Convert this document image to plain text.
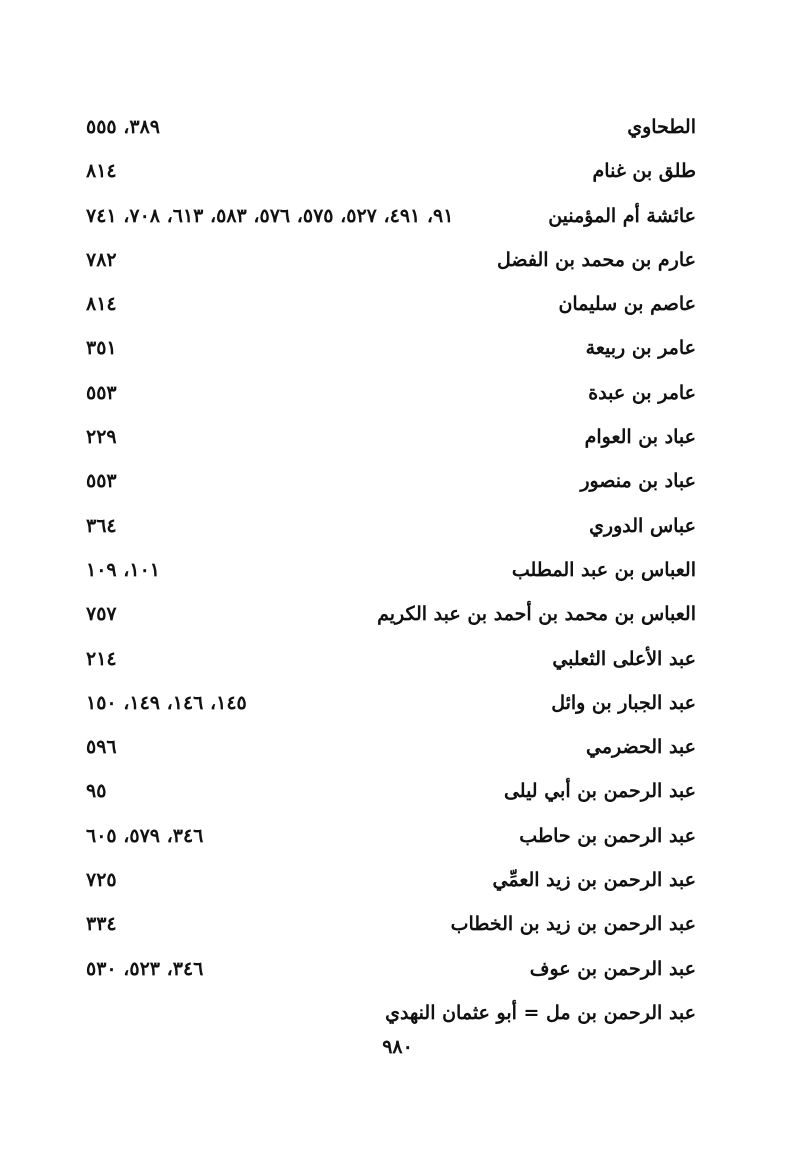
الطحاوي
٣٨٩، ٥٥٥
طلق بن غنام
٨١٤
عائشة أم المؤمنين
٩١، ٤٩١، ٥٢٧، ٥٧٥، ٥٧٦، ٥٨٣، ٦١٣، ٧٠٨، ٧٤١
عارم بن محمد بن الفضل
٧٨٢
عاصم بن سليمان
٨١٤
عامر بن ربيعة
٣٥١
عامر بن عبدة
٥٥٣
عباد بن العوام
٢٢٩
عباد بن منصور
٥٥٣
عباس الدوري
٣٦٤
العباس بن عبد المطلب
١٠١، ١٠٩
العباس بن محمد بن أحمد بن عبد الكريم
٧٥٧
عبد الأعلى الثعلبي
٢١٤
عبد الجبار بن وائل
١٤٥، ١٤٦، ١٤٩، ١٥٠
عبد الحضرمي
٥٩٦
عبد الرحمن بن أبي ليلى
٩٥
عبد الرحمن بن حاطب
٣٤٦، ٥٧٩، ٦٠٥
عبد الرحمن بن زيد العمِّي
٧٢٥
عبد الرحمن بن زيد بن الخطاب
٣٣٤
عبد الرحمن بن عوف
٣٤٦، ٥٢٣، ٥٣٠
عبد الرحمن بن مل = أبو عثمان النهدي
٩٨٠
